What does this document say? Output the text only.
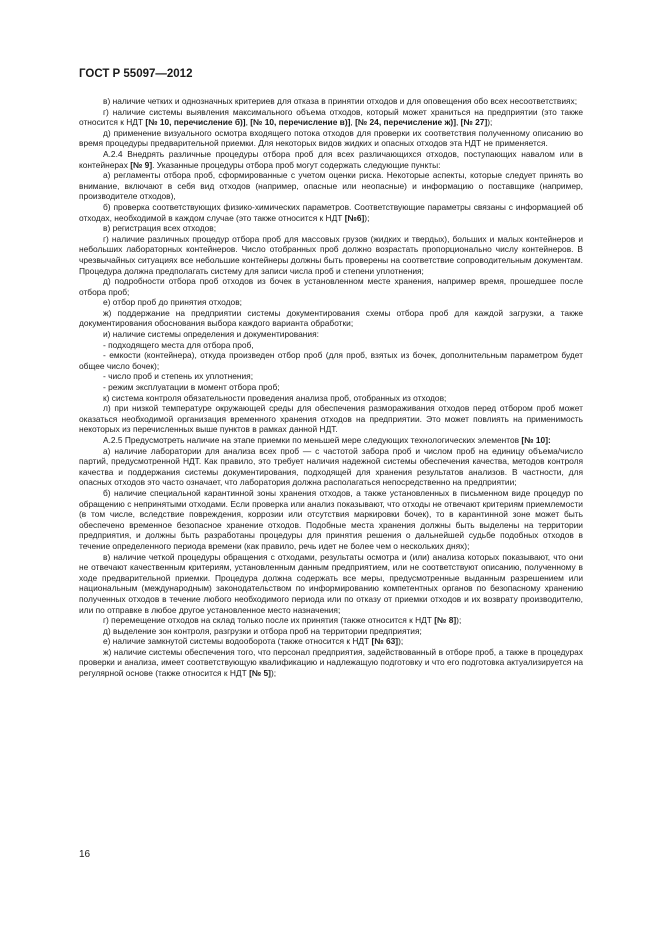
ГОСТ Р 55097—2012

в) наличие четких и однозначных критериев для отказа в принятии отходов и для оповещения обо всех несоответствиях;

г) наличие системы выявления максимального объема отходов, который может храниться на предприятии (это также относится к НДТ [№ 10, перечисление б)], [№ 10, перечисление в)], [№ 24, перечисление ж)], [№ 27]);

д) применение визуального осмотра входящего потока отходов для проверки их соответствия полученному описанию во время процедуры предварительной приемки. Для некоторых видов жидких и опасных отходов эта НДТ не применяется.

А.2.4 Внедрять различные процедуры отбора проб для всех различающихся отходов, поступающих навалом или в контейнерах [№ 9]. Указанные процедуры отбора проб могут содержать следующие пункты:

а) регламенты отбора проб, сформированные с учетом оценки риска. Некоторые аспекты, которые следует принять во внимание, включают в себя вид отходов (например, опасные или неопасные) и информацию о поставщике (например, производителе отходов),

б) проверка соответствующих физико-химических параметров. Соответствующие параметры связаны с информацией об отходах, необходимой в каждом случае (это также относится к НДТ [№6]);

в) регистрация всех отходов;

г) наличие различных процедур отбора проб для массовых грузов (жидких и твердых), больших и малых контейнеров и небольших лабораторных контейнеров. Число отобранных проб должно возрастать пропорционально числу контейнеров. В чрезвычайных ситуациях все небольшие контейнеры должны быть проверены на соответствие сопроводительным документам. Процедура должна предполагать систему для записи числа проб и степени уплотнения;

д) подробности отбора проб отходов из бочек в установленном месте хранения, например время, прошедшее после отбора проб;

е) отбор проб до принятия отходов;

ж) поддержание на предприятии системы документирования схемы отбора проб для каждой загрузки, а также документирования обоснования выбора каждого варианта обработки;

и) наличие системы определения и документирования:

- подходящего места для отбора проб,

- емкости (контейнера), откуда произведен отбор проб (для проб, взятых из бочек, дополнительным параметром будет общее число бочек);

- число проб и степень их уплотнения;

- режим эксплуатации в момент отбора проб;

к) система контроля обязательности проведения анализа проб, отобранных из отходов;

л) при низкой температуре окружающей среды для обеспечения размораживания отходов перед отбором проб может оказаться необходимой организация временного хранения отходов на предприятии. Это может повлиять на применимость некоторых из перечисленных выше пунктов в рамках данной НДТ.

А.2.5 Предусмотреть наличие на этапе приемки по меньшей мере следующих технологических элементов [№ 10]:

а) наличие лаборатории для анализа всех проб — с частотой забора проб и числом проб на единицу объема/число партий, предусмотренной НДТ. Как правило, это требует наличия надежной системы обеспечения качества, методов контроля качества и поддержания системы документирования, подходящей для хранения результатов анализов. В частности, для опасных отходов это часто означает, что лаборатория должна располагаться непосредственно на предприятии;

б) наличие специальной карантинной зоны хранения отходов, а также установленных в письменном виде процедур по обращению с непринятыми отходами. Если проверка или анализ показывают, что отходы не отвечают критериям приемлемости (в том числе, вследствие повреждения, коррозии или отсутствия маркировки бочек), то в карантинной зоне может быть обеспечено временное безопасное хранение отходов. Подобные места хранения должны быть выделены на территории предприятия, и должны быть разработаны процедуры для принятия решения о дальнейшей судьбе подобных отходов в течение определенного периода времени (как правило, речь идет не более чем о нескольких днях);

в) наличие четкой процедуры обращения с отходами, результаты осмотра и (или) анализа которых показывают, что они не отвечают качественным критериям, установленным данным предприятием, или не соответствуют описанию, полученному в ходе предварительной приемки. Процедура должна содержать все меры, предусмотренные выданным разрешением или национальным (международным) законодательством по информированию компетентных органов по безопасному хранению полученных отходов в течение любого необходимого периода или по отказу от приемки отходов и их возврату производителю, или по отправке в любое другое установленное место назначения;

г) перемещение отходов на склад только после их принятия (также относится к НДТ [№ 8]);

д) выделение зон контроля, разгрузки и отбора проб на территории предприятия;

е) наличие замкнутой системы водооборота (также относится к НДТ [№ 63]);

ж) наличие системы обеспечения того, что персонал предприятия, задействованный в отборе проб, а также в процедурах проверки и анализа, имеет соответствующую квалификацию и надлежащую подготовку и что его подготовка актуализируется на регулярной основе (также относится к НДТ [№ 5]);

16
